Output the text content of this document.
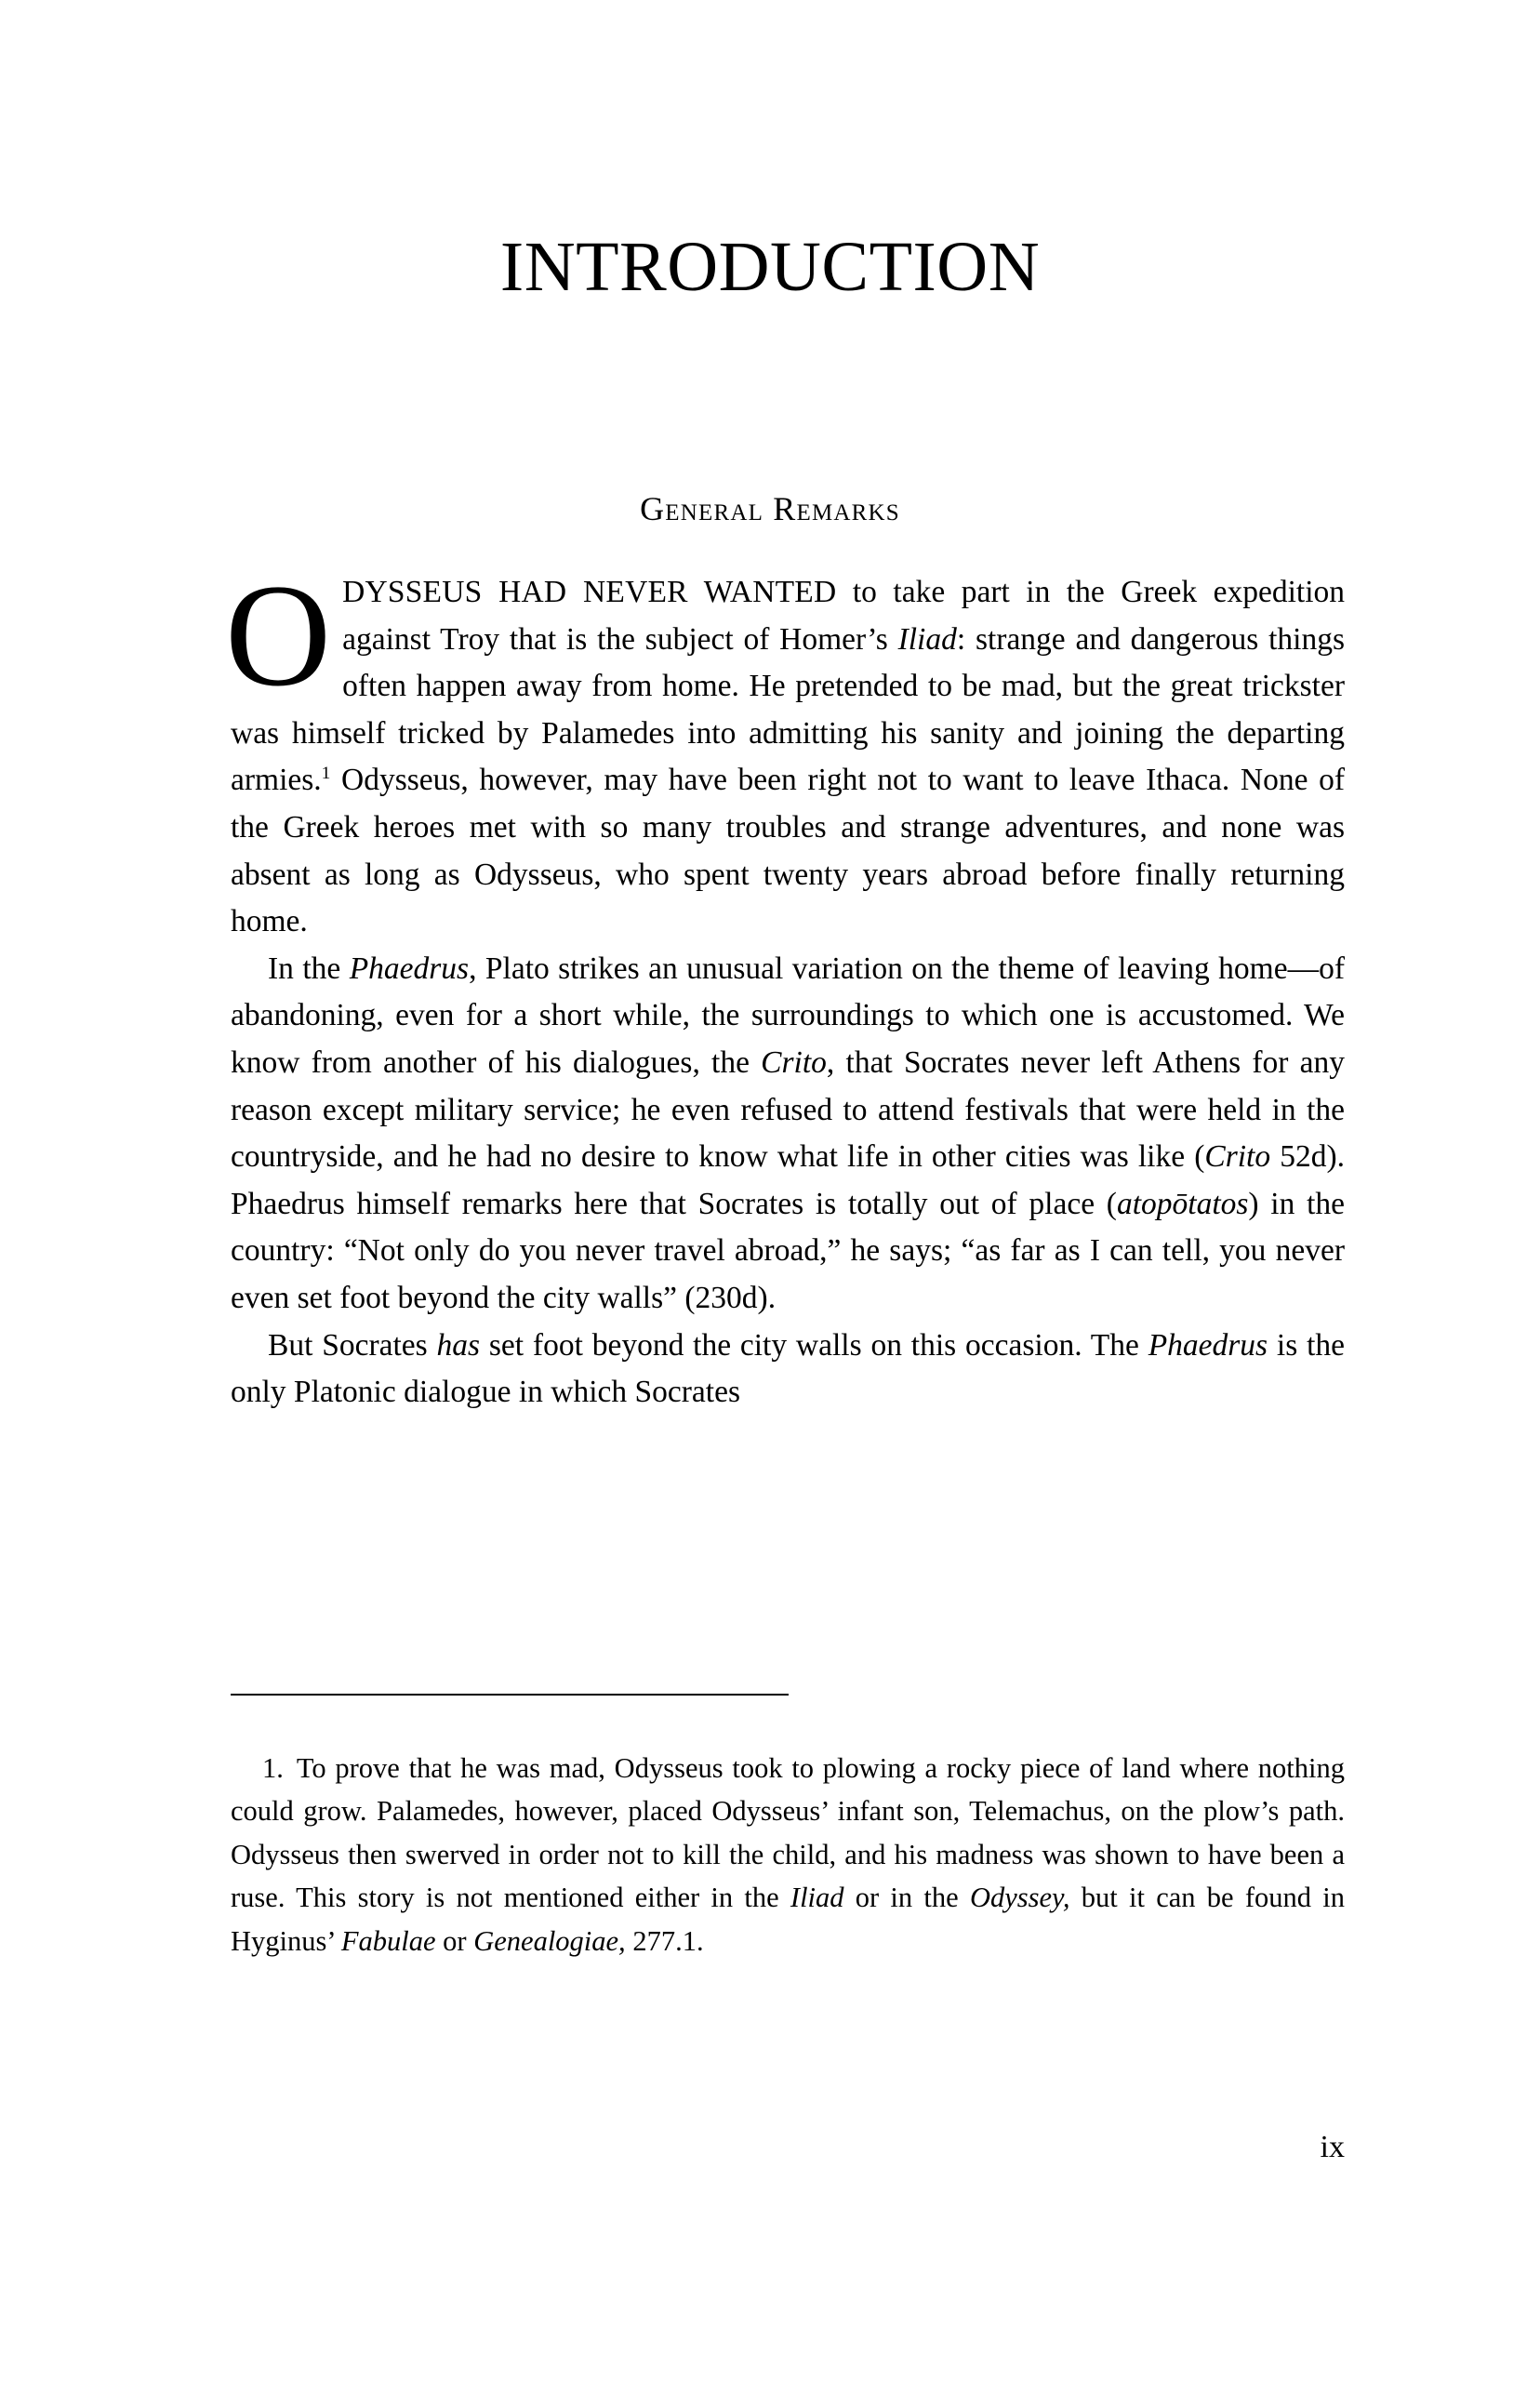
INTRODUCTION
General Remarks

ODYSSEUS HAD NEVER WANTED to take part in the Greek expedition against Troy that is the subject of Homer’s Iliad: strange and dangerous things often happen away from home. He pretended to be mad, but the great trickster was himself tricked by Palamedes into admitting his sanity and joining the departing armies.$^1$ Odysseus, however, may have been right not to want to leave Ithaca. None of the Greek heroes met with so many troubles and strange adventures, and none was absent as long as Odysseus, who spent twenty years abroad before finally returning home.

In the Phaedrus, Plato strikes an unusual variation on the theme of leaving home—of abandoning, even for a short while, the surroundings to which one is accustomed. We know from another of his dialogues, the Crito, that Socrates never left Athens for any reason except military service; he even refused to attend festivals that were held in the countryside, and he had no desire to know what life in other cities was like (Crito 52d). Phaedrus himself remarks here that Socrates is totally out of place (atopōtatos) in the country: “Not only do you never travel abroad,” he says; “as far as I can tell, you never even set foot beyond the city walls” (230d).

But Socrates has set foot beyond the city walls on this occasion. The Phaedrus is the only Platonic dialogue in which Socrates

1. To prove that he was mad, Odysseus took to plowing a rocky piece of land where nothing could grow. Palamedes, however, placed Odysseus’ infant son, Telemachus, on the plow’s path. Odysseus then swerved in order not to kill the child, and his madness was shown to have been a ruse. This story is not mentioned either in the Iliad or in the Odyssey, but it can be found in Hyginus’ Fabulae or Genealogiae, 277.1.

ix
